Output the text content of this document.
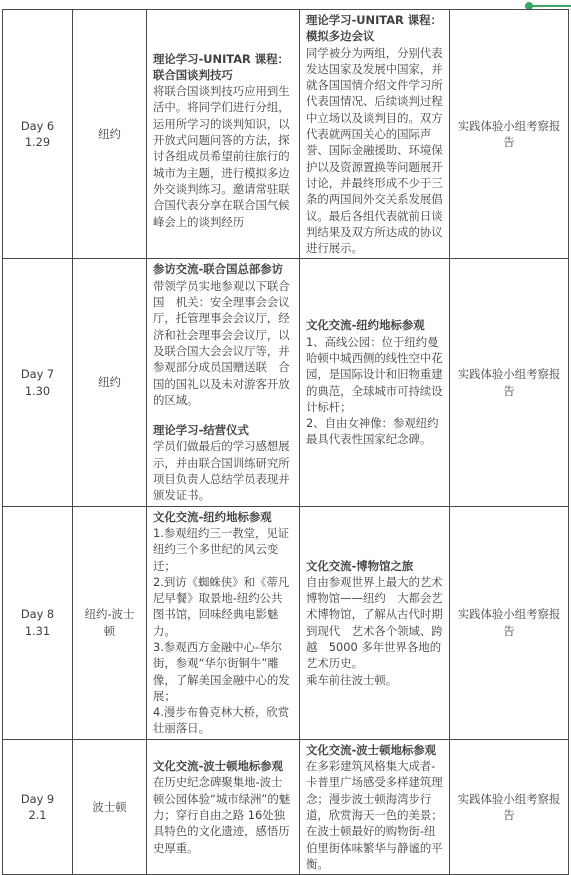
Day 6
1.29	纽约	理论学习-UNITAR 课程：联合国谈判技巧
将联合国谈判技巧应用到生活中。将同学们进行分组，运用所学习的谈判知识，以开放式问题问答的方法，探讨各组成员希望前往旅行的城市为主题，进行模拟多边外交谈判练习。邀请常驻联合国代表分享在联合国气候峰会上的谈判经历	理论学习-UNITAR 课程：模拟多边会议
同学被分为两组，分别代表发达国家及发展中国家，并就各国国情介绍文件学习所代表国情况、后续谈判过程中立场以及谈判目的。双方代表就两国关心的国际声誉、国际金融援助、环境保护以及资源置换等问题展开讨论，并最终形成不少于三条的两国间外交关系发展倡议。最后各组代表就前日谈判结果及双方所达成的协议进行展示。	实践体验小组考察报告

Day 7
1.30	纽约	参访交流-联合国总部参访
带领学员实地参观以下联合国　机关：安全理事会会议厅，托管理事会会议厅，经济和社会理事会会议厅，以及联合国大会会议厅等，并参观部分成员国赠送联　合国的国礼以及未对游客开放的区域。
理论学习-结营仪式
学员们做最后的学习感想展示，并由联合国训练研究所项目负责人总结学员表现并颁发证书。	文化交流-纽约地标参观
1、高线公园：位于纽约曼哈顿中城西侧的线性空中花园，是国际设计和旧物重建的典范，全球城市可持续设计标杆；
2、自由女神像：参观纽约最具代表性国家纪念碑。	实践体验小组考察报告

Day 8
1.31	纽约-波士顿	文化交流-纽约地标参观
1.参观纽约三一教堂，见证纽约三个多世纪的风云变迁；
2.到访《蜘蛛侠》和《蒂凡尼早餐》取景地-纽约公共图书馆，回味经典电影魅力。
3.参观西方金融中心-华尔街，参观“华尔街铜牛”雕像，了解美国金融中心的发展；
4.漫步布鲁克林大桥，欣赏壮丽落日。	文化交流-博物馆之旅
自由参观世界上最大的艺术博物馆——纽约　大都会艺术博物馆，了解从古代时期到现代　艺术各个领域、跨越　5000 多年世界各地的艺术历史。
乘车前往波士顿。	实践体验小组考察报告

Day 9
2.1	波士顿	文化交流-波士顿地标参观
在历史纪念碑聚集地-波士顿公园体验“城市绿洲”的魅力；穿行自由之路 16处独具特色的文化遗迹，感悟历史厚重。	文化交流-波士顿地标参观
在多彩建筑风格集大成者-卡普里广场感受多样建筑理念；漫步波士顿海湾步行道，欣赏海天一色的美景；在波士顿最好的购物街-纽伯里街体味繁华与静谧的平衡。	实践体验小组考察报告
